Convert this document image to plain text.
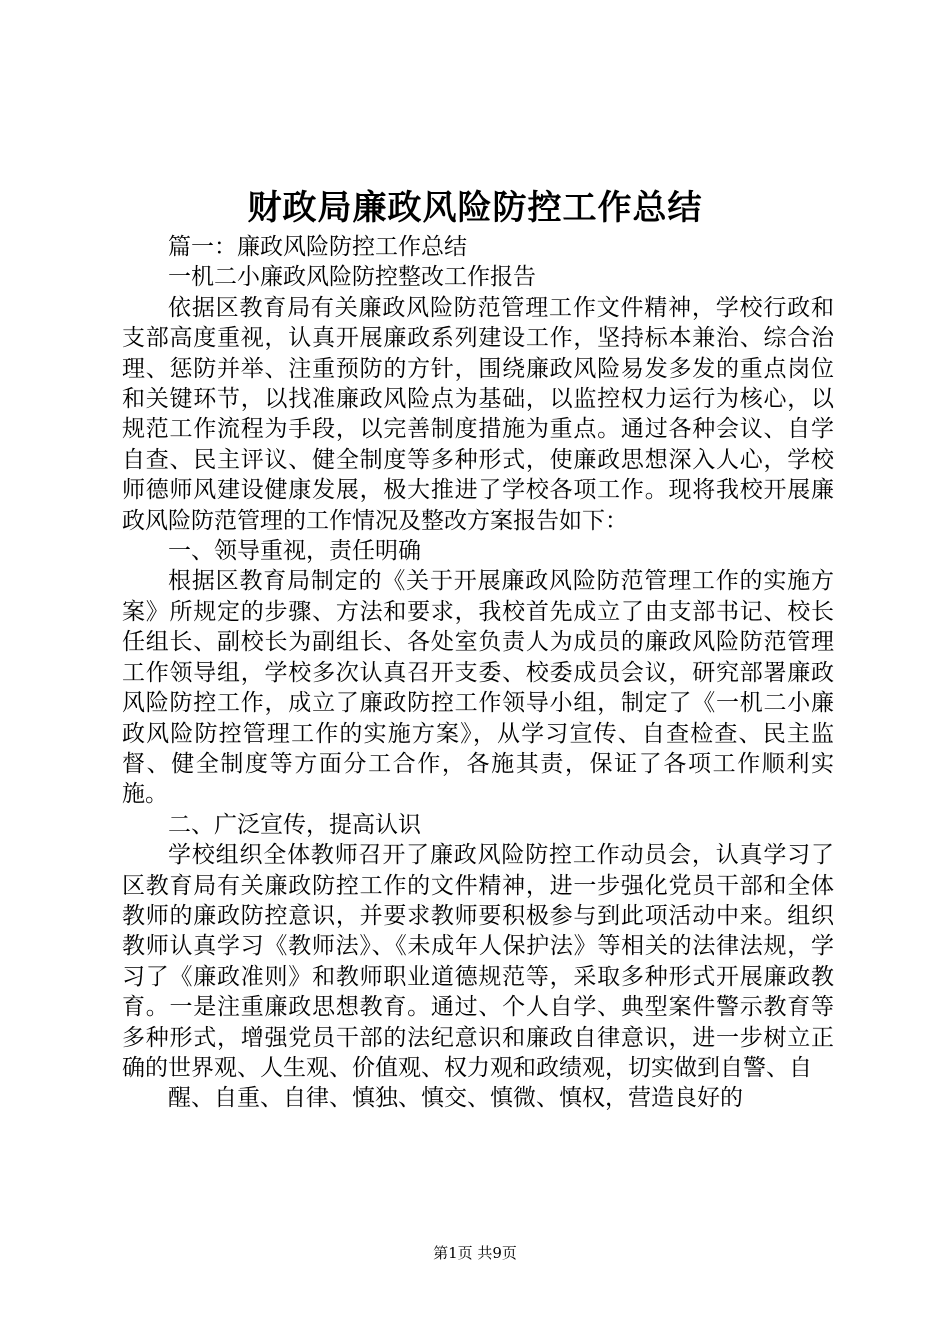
财政局廉政风险防控工作总结

篇一：廉政风险防控工作总结

一机二小廉政风险防控整改工作报告

依据区教育局有关廉政风险防范管理工作文件精神，学校行政和支部高度重视，认真开展廉政系列建设工作，坚持标本兼治、综合治理、惩防并举、注重预防的方针，围绕廉政风险易发多发的重点岗位和关键环节，以找准廉政风险点为基础，以监控权力运行为核心，以规范工作流程为手段，以完善制度措施为重点。通过各种会议、自学自查、民主评议、健全制度等多种形式，使廉政思想深入人心，学校师德师风建设健康发展，极大推进了学校各项工作。现将我校开展廉政风险防范管理的工作情况及整改方案报告如下：

一、领导重视，责任明确

根据区教育局制定的《关于开展廉政风险防范管理工作的实施方案》所规定的步骤、方法和要求，我校首先成立了由支部书记、校长任组长、副校长为副组长、各处室负责人为成员的廉政风险防范管理工作领导组，学校多次认真召开支委、校委成员会议，研究部署廉政风险防控工作，成立了廉政防控工作领导小组，制定了《一机二小廉政风险防控管理工作的实施方案》，从学习宣传、自查检查、民主监督、健全制度等方面分工合作，各施其责，保证了各项工作顺利实施。

二、广泛宣传，提高认识

学校组织全体教师召开了廉政风险防控工作动员会，认真学习了区教育局有关廉政防控工作的文件精神，进一步强化党员干部和全体教师的廉政防控意识，并要求教师要积极参与到此项活动中来。组织教师认真学习《教师法》、《未成年人保护法》等相关的法律法规，学习了《廉政准则》和教师职业道德规范等，采取多种形式开展廉政教育。一是注重廉政思想教育。通过、个人自学、典型案件警示教育等多种形式，增强党员干部的法纪意识和廉政自律意识，进一步树立正确的世界观、人生观、价值观、权力观和政绩观，切实做到自警、自

醒、自重、自律、慎独、慎交、慎微、慎权，营造良好的

第1页 共9页
